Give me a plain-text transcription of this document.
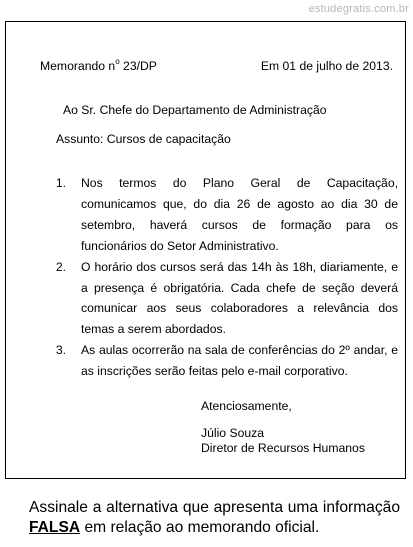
estudegratis.com.br
Memorando $n^o$ 23/DP	Em 01 de julho de 2013.
Ao Sr. Chefe do Departamento de Administração
Assunto: Cursos de capacitação
1. Nos termos do Plano Geral de Capacitação, comunicamos que, do dia 26 de agosto ao dia 30 de setembro, haverá cursos de formação para os funcionários do Setor Administrativo.
2. O horário dos cursos será das 14h às 18h, diariamente, e a presença é obrigatória. Cada chefe de seção deverá comunicar aos seus colaboradores a relevância dos temas a serem abordados.
3. As aulas ocorrerão na sala de conferências do 2º andar, e as inscrições serão feitas pelo e-mail corporativo.
Atenciosamente,
Júlio Souza
Diretor de Recursos Humanos
Assinale a alternativa que apresenta uma informação FALSA em relação ao memorando oficial.
